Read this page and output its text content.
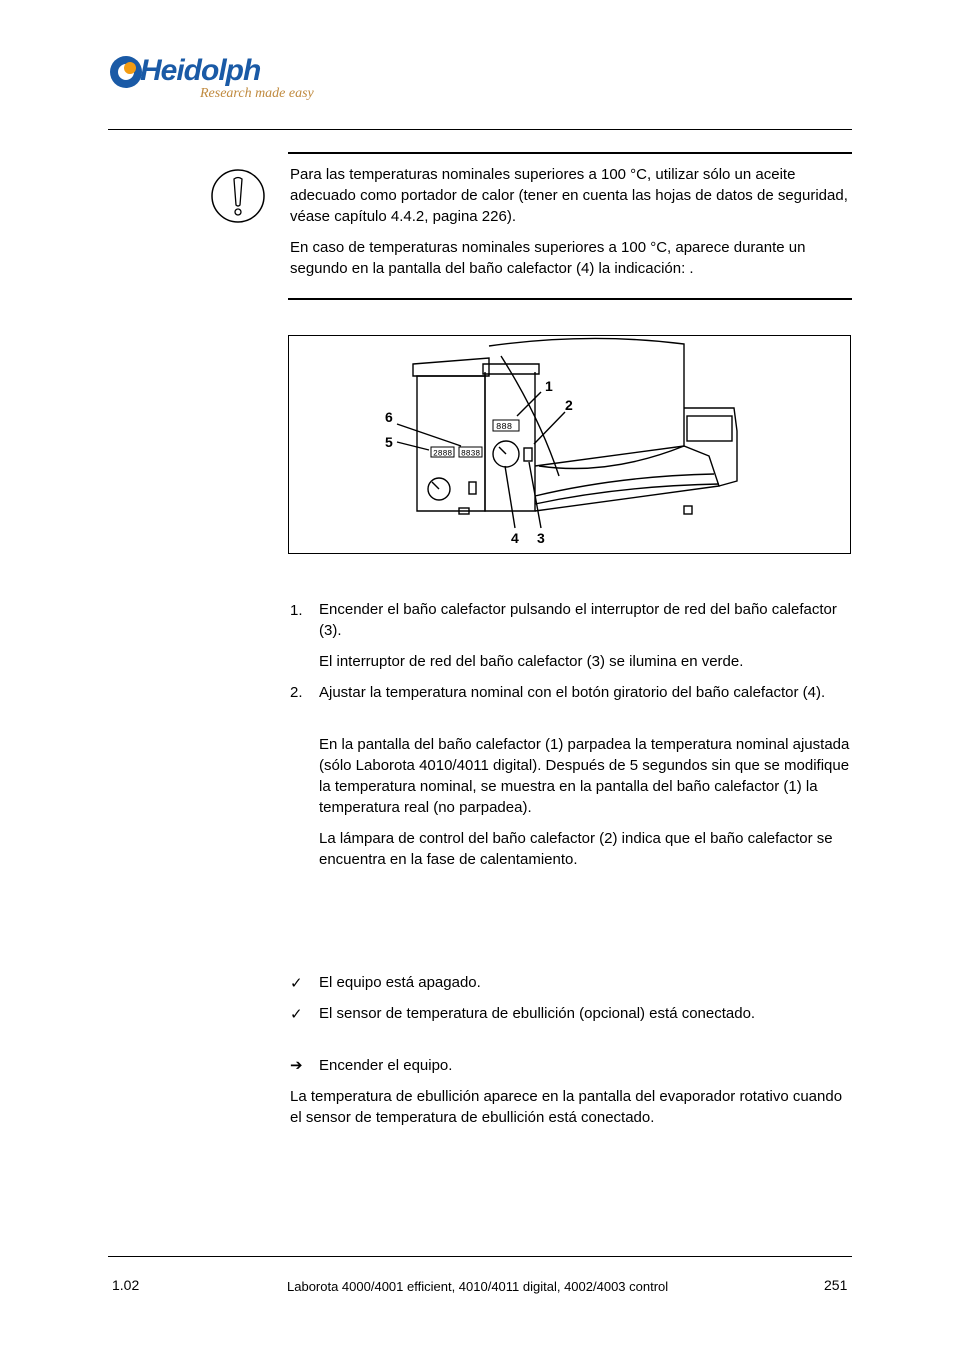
Heidolph
Research made easy
Para las temperaturas nominales superiores a 100 °C, utilizar sólo un aceite adecuado como portador de calor (tener en cuenta las hojas de datos de seguridad, véase capítulo 4.4.2, pagina 226).
En caso de temperaturas nominales superiores a 100 °C, aparece durante un segundo en la pantalla del baño calefactor (4) la indicación: .
2888 8838
888
1
2
3
4
5
6
1. Encender el baño calefactor pulsando el interruptor de red del baño calefactor (3).
El interruptor de red del baño calefactor (3) se ilumina en verde.
2. Ajustar la temperatura nominal con el botón giratorio del baño calefactor (4).
En la pantalla del baño calefactor (1) parpadea la temperatura nominal ajustada (sólo Laborota 4010/4011 digital). Después de 5 segundos sin que se modifique la temperatura nominal, se muestra en la pantalla del baño calefactor (1) la temperatura real (no parpadea).
La lámpara de control del baño calefactor (2) indica que el baño calefactor se encuentra en la fase de calentamiento.
✓ El equipo está apagado.
✓ El sensor de temperatura de ebullición (opcional) está conectado.
➔ Encender el equipo.
La temperatura de ebullición aparece en la pantalla del evaporador rotativo cuando el sensor de temperatura de ebullición está conectado.
1.02	Laborota 4000/4001 efficient, 4010/4011 digital, 4002/4003 control	251
